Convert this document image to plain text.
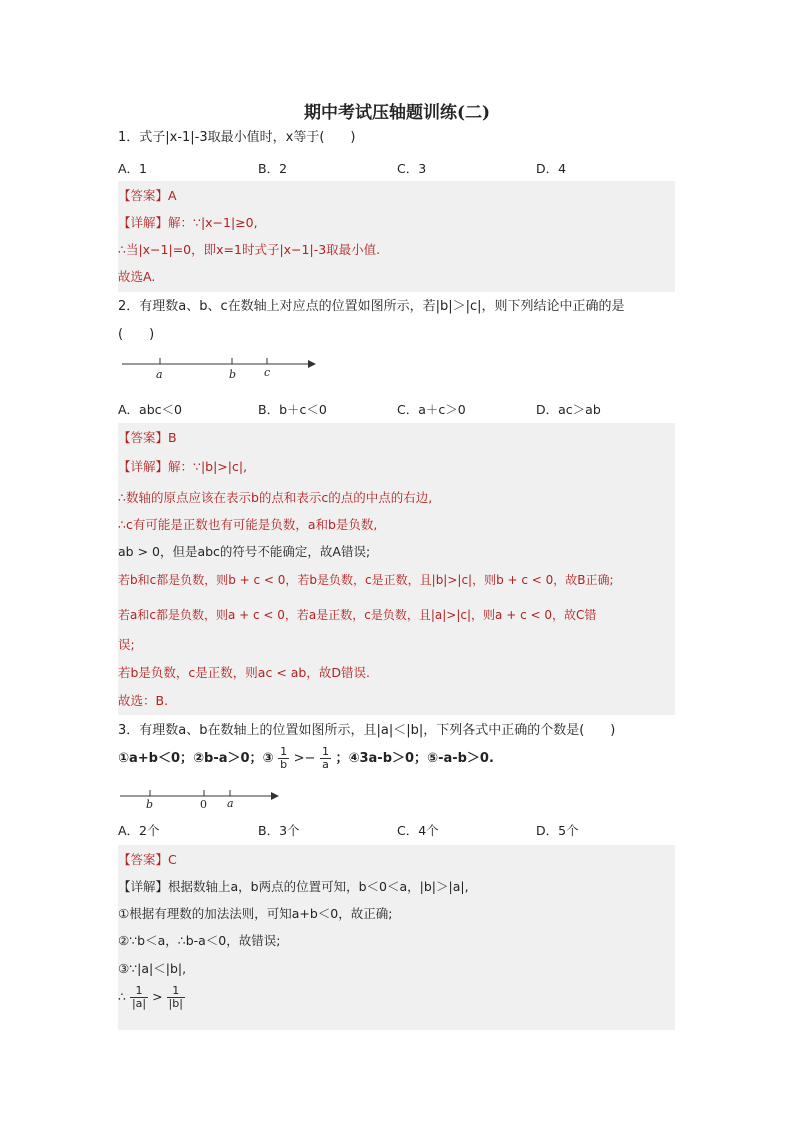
期中考试压轴题训练(二)
1．式子|x-1|-3取最小值时，x等于(　　)
A．1	B．2	C．3	D．4
【答案】A
【详解】解：∵|x−1|≥0,
∴当|x−1|=0，即x=1时式子|x−1|-3取最小值.
故选A.
2．有理数a、b、c在数轴上对应点的位置如图所示，若|b|＞|c|，则下列结论中正确的是
(　　)
a	b	c
A．abc＜0	B．b＋c＜0	C．a＋c＞0	D．ac＞ab
【答案】B
【详解】解：∵|b|>|c|,
∴数轴的原点应该在表示b的点和表示c的点的中点的右边,
∴c有可能是正数也有可能是负数，a和b是负数,
ab > 0，但是abc的符号不能确定，故A错误;
若b和c都是负数，则b + c < 0，若b是负数，c是正数，且|b|>|c|，则b + c < 0，故B正确;
若a和c都是负数，则a + c < 0，若a是正数，c是负数，且|a|>|c|，则a + c < 0，故C错
误;
若b是负数，c是正数，则ac < ab，故D错误.
故选：B.
3．有理数a、b在数轴上的位置如图所示，且|a|＜|b|，下列各式中正确的个数是(　　)
①a+b＜0；②b-a＞0；③ $\frac{1}{b} >- \frac{1}{a}$ ；④3a-b＞0；⑤-a-b＞0.
b	0 a
A．2个	B．3个	C．4个	D．5个
【答案】C
【详解】根据数轴上a，b两点的位置可知，b＜0＜a，|b|＞|a|,
①根据有理数的加法法则，可知a+b＜0，故正确;
②∵b＜a，∴b-a＜0，故错误;
③∵|a|＜|b|,
∴ $\frac{1}{|a|} > \frac{1}{|b|}$
